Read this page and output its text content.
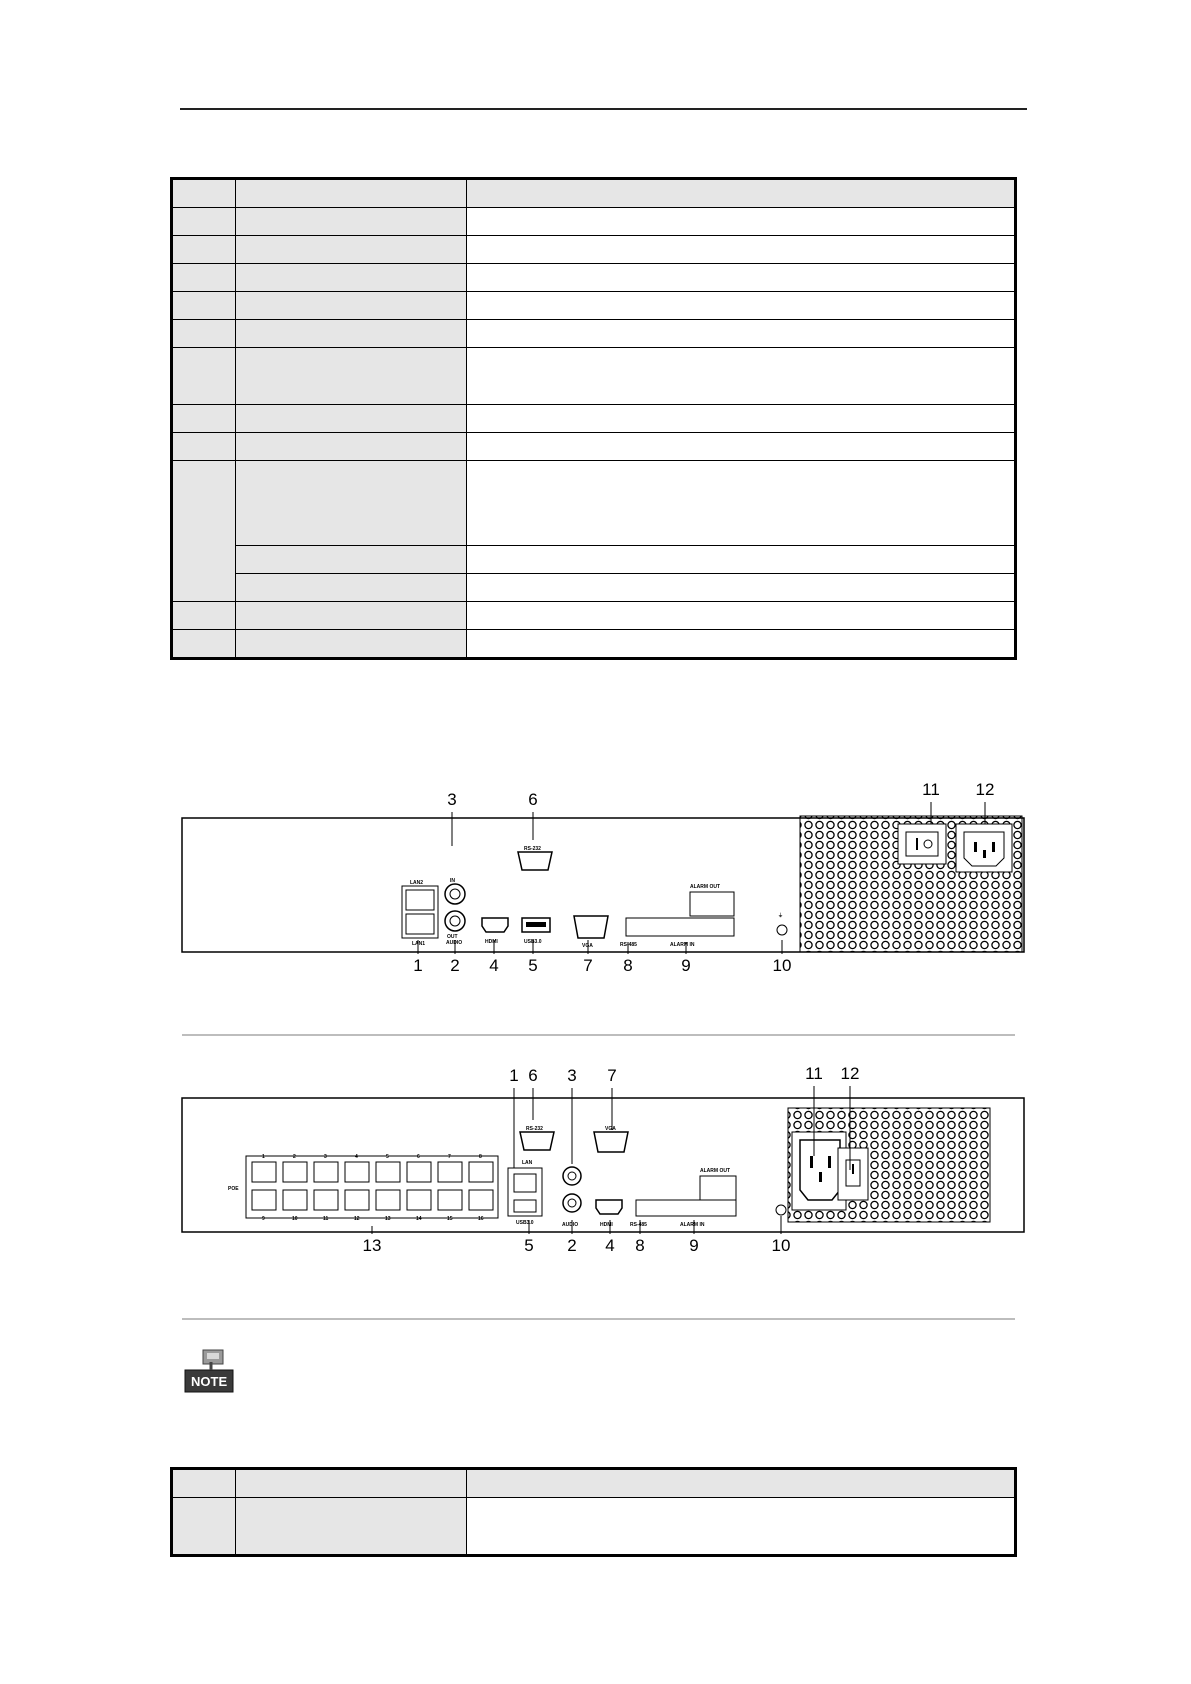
3	6
11 12
1 2 4 5	7 8	9	10
⏚
LAN2
LAN1
IN
OUT
AUDIO	HDMI	USB3.0
VGA
RS-232
RS-485	ALARM IN
ALARM OUT
1 6 3 7	11 12
13	5 2 4 8	9	10
1	2	3	4	5	6	7	8
9	10	11	12	13	14	15	16
POE
LAN
USB3.0	AUDIO	HDMI
VGA
RS-232
RS-485	ALARM IN
ALARM OUT
NOTE
